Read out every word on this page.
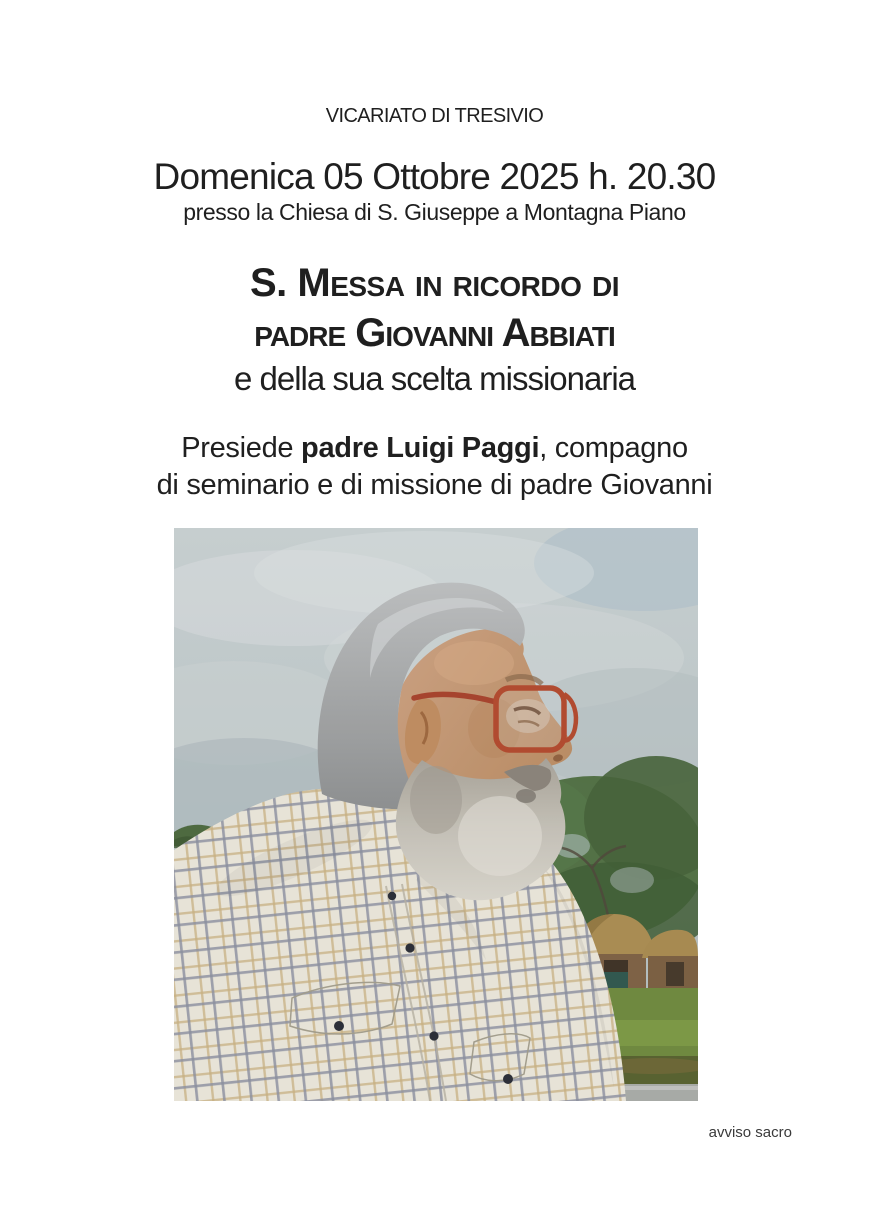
VICARIATO DI TRESIVIO
Domenica 05 Ottobre 2025 h. 20.30
presso la Chiesa di S. Giuseppe a Montagna Piano
S. Messa in ricordo di
padre Giovanni Abbiati
e della sua scelta missionaria
Presiede padre Luigi Paggi, compagno
di seminario e di missione di padre Giovanni
avviso sacro
